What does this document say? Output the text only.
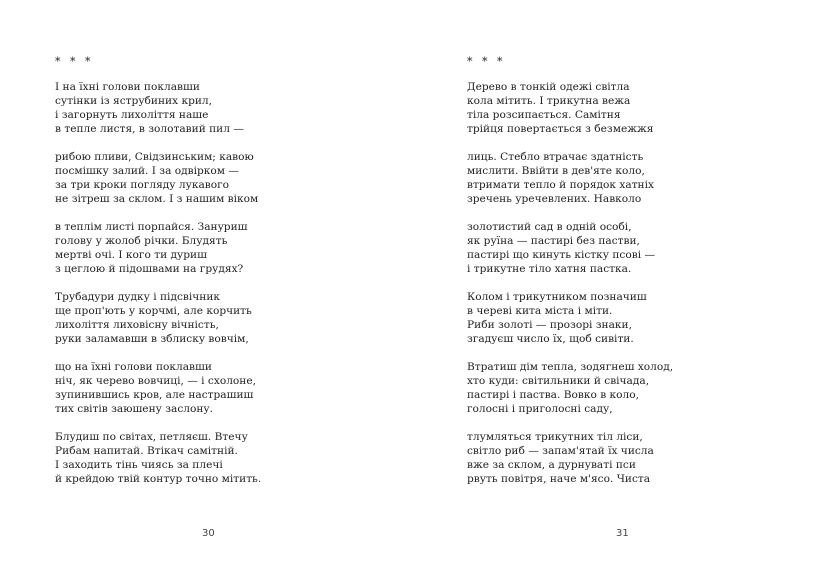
* * *
І на їхні голови поклавши
сутінки із яструбиних крил,
і загорнуть лихоліття наше
в тепле листя, в золотавий пил —
рибою пливи, Свідзинським; кавою
посмішку залий. І за одвірком —
за три кроки погляду лукавого
не зітреш за склом. І з нашим віком
в теплім листі порпайся. Зануриш
голову у жолоб річки. Блудять
мертві очі. І кого ти дуриш
з цеглою й підошвами на грудях?
Трубадури дудку і підсвічник
ще проп'ють у корчмі, але корчить
лихоліття лиховісну вічність,
руки заламавши в зблиску вовчім,
що на їхні голови поклавши
ніч, як черево вовчиці, — і схолоне,
зупинившись кров, але настрашиш
тих світів заюшену заслону.
Блудиш по світах, петляєш. Втечу
Рибам напитай. Втікач самітній.
І заходить тінь чиясь за плечі
й крейдою твій контур точно мітить.
30
* * *
Дерево в тонкій одежі світла
кола мітить. І трикутна вежа
тіла розсипається. Самітня
трійця повертається з безмежжя
лиць. Стебло втрачає здатність
мислити. Ввійти в дев'яте коло,
втримати тепло й порядок хатніх
зречень уречевлених. Навколо
золотистий сад в одній особі,
як руїна — пастирі без пастви,
пастирі що кинуть кістку псові —
і трикутне тіло хатня пастка.
Колом і трикутником позначиш
в череві кита міста і міти.
Риби золоті — прозорі знаки,
згадуєш число їх, щоб сивіти.
Втратиш дім тепла, зодягнеш холод,
хто куди: світильники й свічада,
пастирі і паства. Вовко в коло,
голосні і приголосні саду,
тлумляться трикутних тіл ліси,
світло риб — запам'ятай їх числа
вже за склом, а дурнуваті пси
рвуть повітря, наче м'ясо. Чиста
31
